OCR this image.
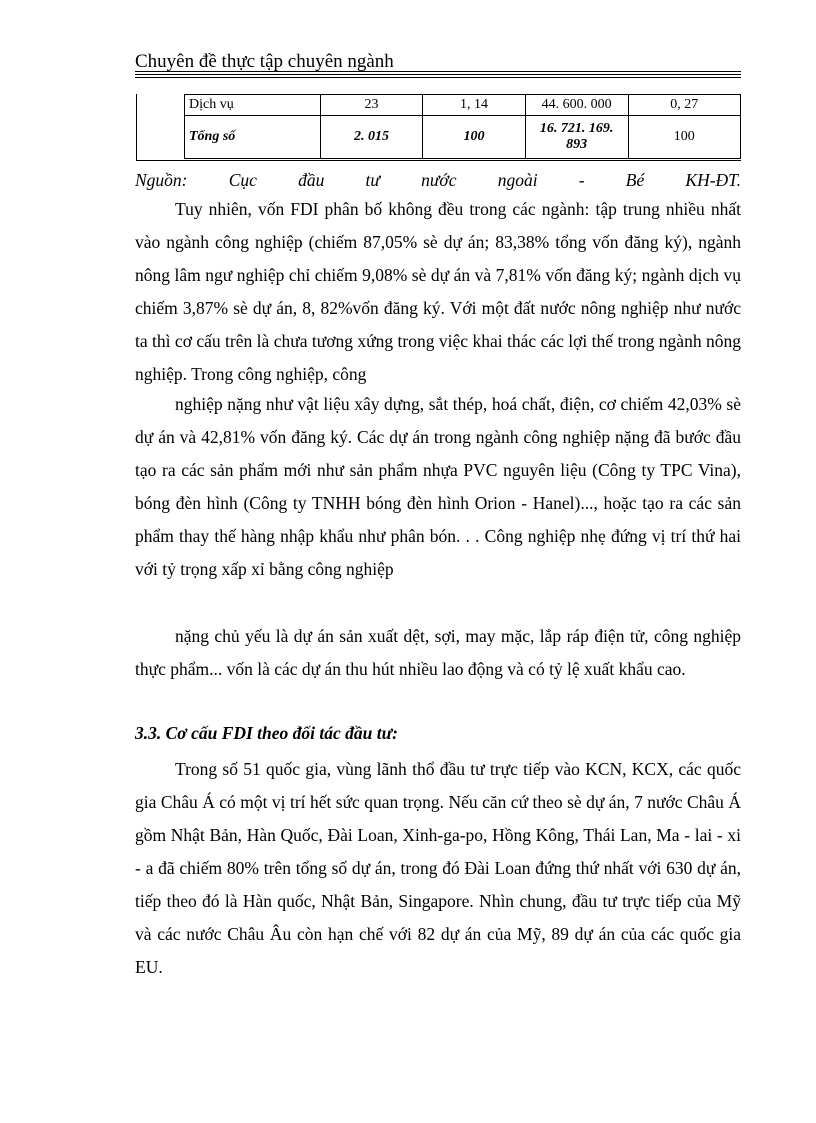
Chuyên đề thực tập chuyên ngành
Dịch vụ	23	1, 14	44. 600. 000	0, 27
Tổng số	2. 015	100	16. 721. 169. 893	100
Nguồn: Cục đầu tư nước ngoài - Bé KH-ĐT.

Tuy nhiên, vốn FDI phân bố không đều trong các ngành: tập trung nhiều nhất vào ngành công nghiệp (chiếm 87,05% sè dự án; 83,38% tổng vốn đăng ký), ngành nông lâm ngư nghiệp chỉ chiếm 9,08% sè dự án và 7,81% vốn đăng ký; ngành dịch vụ chiếm 3,87% sè dự án, 8, 82%vốn đăng ký. Với một đất nước nông nghiệp như nước ta thì cơ cấu trên là chưa tương xứng trong việc khai thác các lợi thế trong ngành nông nghiệp. Trong công nghiệp, công

nghiệp nặng như vật liệu xây dựng, sắt thép, hoá chất, điện, cơ chiếm 42,03% sè dự án và 42,81% vốn đăng ký. Các dự án trong ngành công nghiệp nặng đã bước đầu tạo ra các sản phẩm mới như sản phẩm nhựa PVC nguyên liệu (Công ty TPC Vina), bóng đèn hình (Công ty TNHH bóng đèn hình Orion - Hanel)..., hoặc tạo ra các sản phẩm thay thế hàng nhập khẩu như phân bón. . . Công nghiệp nhẹ đứng vị trí thứ hai với tỷ trọng xấp xỉ bằng công nghiệp

nặng chủ yếu là dự án sản xuất dệt, sợi, may mặc, lắp ráp điện tử, công nghiệp thực phẩm... vốn là các dự án thu hút nhiều lao động và có tỷ lệ xuất khẩu cao.

3.3. Cơ cấu FDI theo đối tác đầu tư:

Trong số 51 quốc gia, vùng lãnh thổ đầu tư trực tiếp vào KCN, KCX, các quốc gia Châu Á có một vị trí hết sức quan trọng. Nếu căn cứ theo sè dự án, 7 nước Châu Á gồm Nhật Bản, Hàn Quốc, Đài Loan, Xinh-ga-po, Hồng Kông, Thái Lan, Ma - lai - xi - a đã chiếm 80% trên tổng số dự án, trong đó Đài Loan đứng thứ nhất với 630 dự án, tiếp theo đó là Hàn quốc, Nhật Bản, Singapore. Nhìn chung, đầu tư trực tiếp của Mỹ và các nước Châu Âu còn hạn chế với 82 dự án của Mỹ, 89 dự án của các quốc gia EU.
